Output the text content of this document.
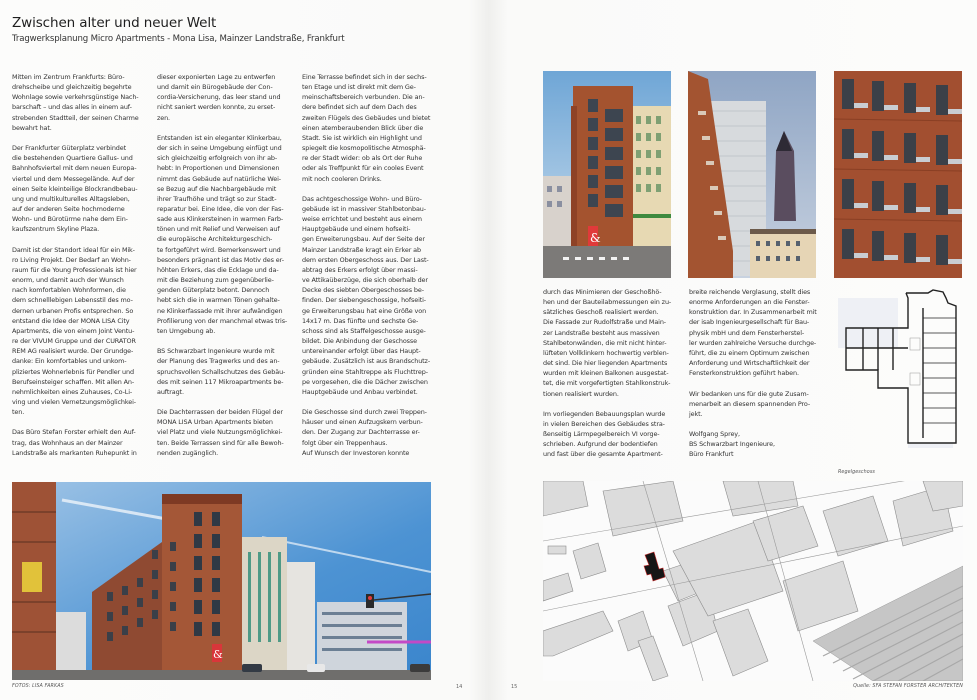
Zwischen alter und neuer Welt
Tragwerksplanung Micro Apartments - Mona Lisa, Mainzer Landstraße, Frankfurt

Mitten im Zentrum Frankfurts: Büro-
drehscheibe und gleichzeitig begehrte
Wohnlage sowie verkehrsgünstige Nach-
barschaft – und das alles in einem auf-
strebenden Stadtteil, der seinen Charme
bewahrt hat.

Der Frankfurter Güterplatz verbindet
die bestehenden Quartiere Gallus- und
Bahnhofsviertel mit dem neuen Europa-
viertel und dem Messegelände. Auf der
einen Seite kleinteilige Blockrandbebau-
ung und multikulturelles Alltagsleben,
auf der anderen Seite hochmoderne
Wohn- und Bürotürme nahe dem Ein-
kaufszentrum Skyline Plaza.

Damit ist der Standort ideal für ein Mik-
ro Living Projekt. Der Bedarf an Wohn-
raum für die Young Professionals ist hier
enorm, und damit auch der Wunsch
nach komfortablen Wohnformen, die
dem schnelllebigen Lebensstil des mo-
dernen urbanen Profis entsprechen. So
entstand die Idee der MONA LISA City
Apartments, die von einem Joint Ventu-
re der VIVUM Gruppe und der CURATOR
REM AG realisiert wurde. Der Grundge-
danke: Ein komfortables und unkom-
pliziertes Wohnerlebnis für Pendler und
Berufseinsteiger schaffen. Mit allen An-
nehmlichkeiten eines Zuhauses, Co-Li-
ving und vielen Vernetzungsmöglichkei-
ten.

Das Büro Stefan Forster erhielt den Auf-
trag, das Wohnhaus an der Mainzer
Landstraße als markanten Ruhepunkt in

dieser exponierten Lage zu entwerfen
und damit ein Bürogebäude der Con-
cordia-Versicherung, das leer stand und
nicht saniert werden konnte, zu erset-
zen.

Entstanden ist ein eleganter Klinkerbau,
der sich in seine Umgebung einfügt und
sich gleichzeitig erfolgreich von ihr ab-
hebt: In Proportionen und Dimensionen
nimmt das Gebäude auf natürliche Wei-
se Bezug auf die Nachbargebäude mit
ihrer Traufhöhe und trägt so zur Stadt-
reparatur bei. Eine Idee, die von der Fas-
sade aus Klinkersteinen in warmen Farb-
tönen und mit Relief und Verweisen auf
die europäische Architekturgeschich-
te fortgeführt wird. Bemerkenswert und
besonders prägnant ist das Motiv des er-
höhten Erkers, das die Ecklage und da-
mit die Beziehung zum gegenüberlie-
genden Güterplatz betont. Dennoch
hebt sich die in warmen Tönen gehalte-
ne Klinkerfassade mit ihrer aufwändigen
Profilierung von der manchmal etwas tris-
ten Umgebung ab.

BS Schwarzbart Ingenieure wurde mit
der Planung des Tragwerks und des an-
spruchsvollen Schallschutzes des Gebäu-
des mit seinen 117 Mikroapartments be-
auftragt.

Die Dachterrassen der beiden Flügel der
MONA LISA Urban Apartments bieten
viel Platz und viele Nutzungsmöglichkei-
ten. Beide Terrassen sind für alle Bewoh-
nenden zugänglich.

Eine Terrasse befindet sich in der sechs-
ten Etage und ist direkt mit dem Ge-
meinschaftsbereich verbunden. Die an-
dere befindet sich auf dem Dach des
zweiten Flügels des Gebäudes und bietet
einen atemberaubenden Blick über die
Stadt. Sie ist wirklich ein Highlight und
spiegelt die kosmopolitische Atmosphä-
re der Stadt wider: ob als Ort der Ruhe
oder als Treffpunkt für ein cooles Event
mit noch cooleren Drinks.

Das achtgeschossige Wohn- und Büro-
gebäude ist in massiver Stahlbetonbau-
weise errichtet und besteht aus einem
Hauptgebäude und einem hofseiti-
gen Erweiterungsbau. Auf der Seite der
Mainzer Landstraße kragt ein Erker ab
dem ersten Obergeschoss aus. Der Last-
abtrag des Erkers erfolgt über massi-
ve Attikaüberzüge, die sich oberhalb der
Decke des siebten Obergeschosses be-
finden. Der siebengeschossige, hofseiti-
ge Erweiterungsbau hat eine Größe von
14x17 m. Das fünfte und sechste Ge-
schoss sind als Staffelgeschosse ausge-
bildet. Die Anbindung der Geschosse
untereinander erfolgt über das Haupt-
gebäude. Zusätzlich ist aus Brandschutz-
gründen eine Stahltreppe als Fluchttrep-
pe vorgesehen, die die Dächer zwischen
Hauptgebäude und Anbau verbindet.

Die Geschosse sind durch zwei Treppen-
häuser und einen Aufzugskern verbun-
den. Der Zugang zur Dachterrasse er-
folgt über ein Treppenhaus.
Auf Wunsch der Investoren konnte

durch das Minimieren der Geschoßhö-
hen und der Bauteilabmessungen ein zu-
sätzliches Geschoß realisiert werden.
Die Fassade zur Rudolfstraße und Main-
zer Landstraße besteht aus massiven
Stahlbetonwänden, die mit nicht hinter-
lüfteten Vollklinkern hochwertig verblen-
det sind. Die hier liegenden Apartments
wurden mit kleinen Balkonen ausgestat-
tet, die mit vorgefertigten Stahlkonstruk-
tionen realisiert wurden.

Im vorliegenden Bebauungsplan wurde
in vielen Bereichen des Gebäudes stra-
ßenseitig Lärmpegelbereich VI vorge-
schrieben. Aufgrund der bodentiefen
und fast über die gesamte Apartment-

breite reichende Verglasung, stellt dies
enorme Anforderungen an die Fenster-
konstruktion dar. In Zusammenarbeit mit
der isab Ingenieurgesellschaft für Bau-
physik mbH und dem Fensterherstel-
ler wurden zahlreiche Versuche durchge-
führt, die zu einem Optimum zwischen
Anforderung und Wirtschaftlichkeit der
Fensterkonstruktion geführt haben.

Wir bedanken uns für die gute Zusam-
menarbeit an diesem spannenden Pro-
jekt.

Wolfgang Sprey,
BS Schwarzbart Ingenieure,
Büro Frankfurt

&
Regelgeschoss
&
FOTOS: LISA FARKAS	14	15	Quelle: SFA STEFAN FORSTER ARCHITEKTEN
